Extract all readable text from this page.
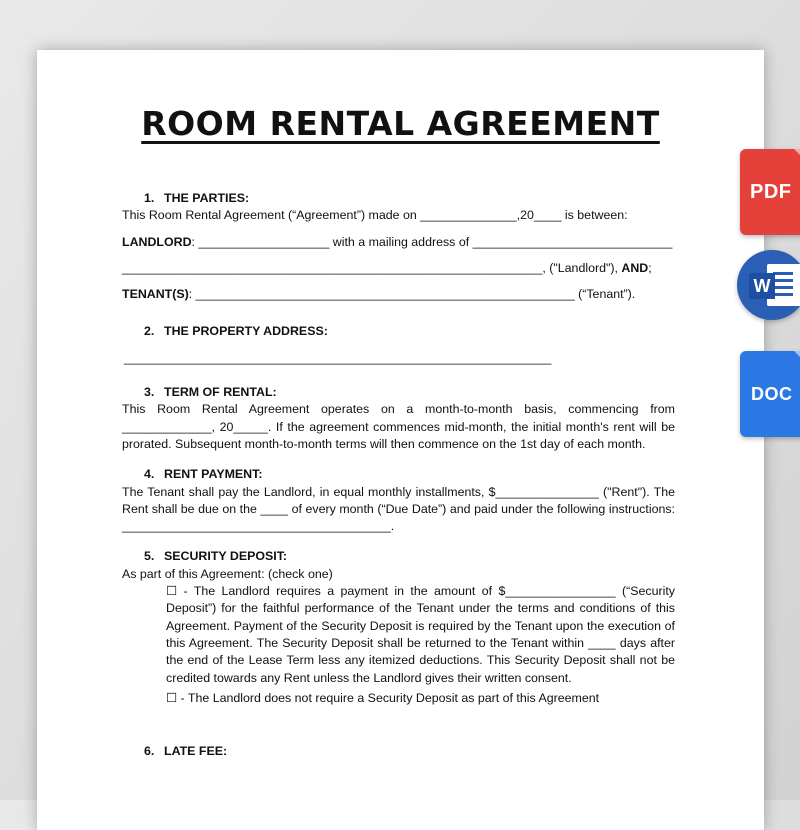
ROOM RENTAL AGREEMENT
1. THE PARTIES:
This Room Rental Agreement (“Agreement”) made on ______________,20____ is between:
LANDLORD: ___________________ with a mailing address of _____________________________
_____________________________________________________________, ("Landlord"), AND;
TENANT(S): _______________________________________________________ (“Tenant”).
2. THE PROPERTY ADDRESS:
______________________________________________________________
3. TERM OF RENTAL:
This Room Rental Agreement operates on a month-to-month basis, commencing from _____________, 20_____. If the agreement commences mid-month, the initial month's rent will be prorated. Subsequent month-to-month terms will then commence on the 1st day of each month.
4. RENT PAYMENT:
The Tenant shall pay the Landlord, in equal monthly installments, $_______________ ("Rent"). The Rent shall be due on the ____ of every month (“Due Date”) and paid under the following instructions: _______________________________________.
5. SECURITY DEPOSIT:
As part of this Agreement: (check one)
☐ - The Landlord requires a payment in the amount of $________________ (“Security Deposit”) for the faithful performance of the Tenant under the terms and conditions of this Agreement. Payment of the Security Deposit is required by the Tenant upon the execution of this Agreement. The Security Deposit shall be returned to the Tenant within ____ days after the end of the Lease Term less any itemized deductions. This Security Deposit shall not be credited towards any Rent unless the Landlord gives their written consent.
☐ - The Landlord does not require a Security Deposit as part of this Agreement
6. LATE FEE:
PDF
W
DOC
